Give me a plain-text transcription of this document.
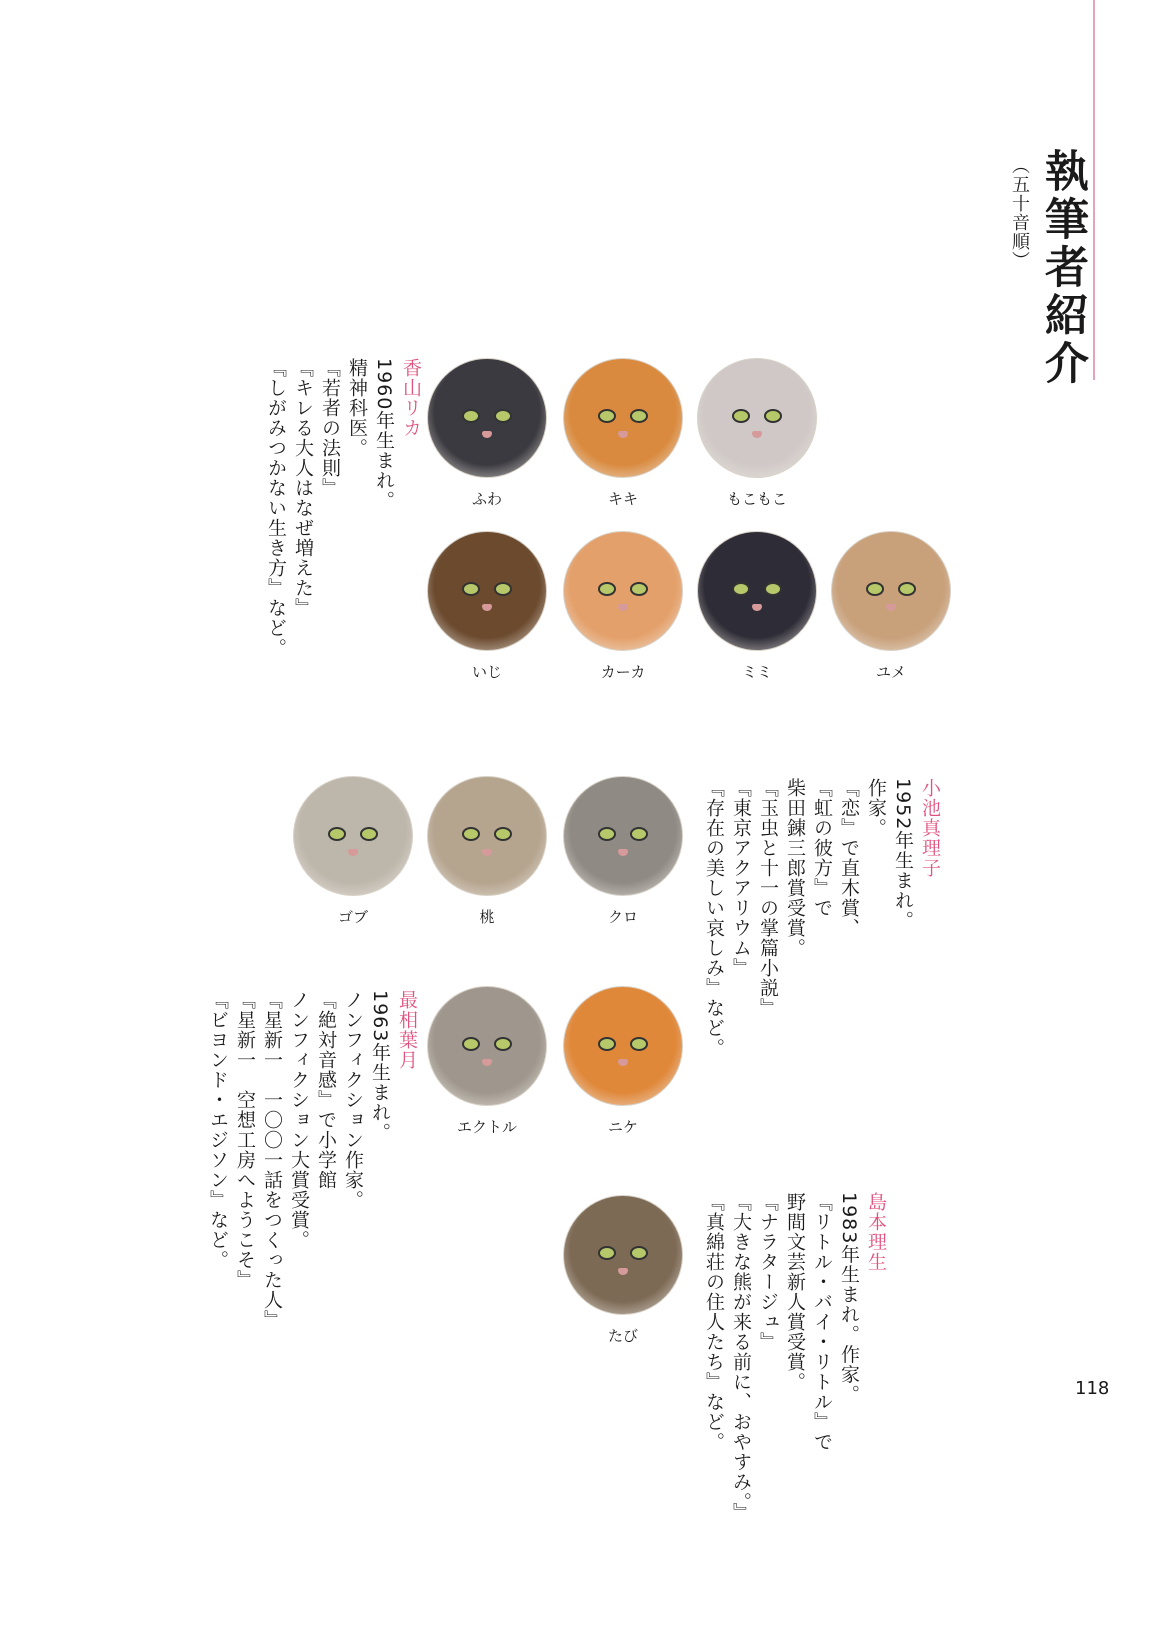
執筆者紹介
（五十音順）

香山リカ

1960年生まれ。

精神科医。

『若者の法則』

『キレる大人はなぜ増えた』

『しがみつかない生き方』など。

小池真理子

1952年生まれ。

作家。

『恋』で直木賞、

『虹の彼方』で

柴田錬三郎賞受賞。

『玉虫と十一の掌篇小説』

『東京アクアリウム』

『存在の美しい哀しみ』など。

最相葉月

1963年生まれ。

ノンフィクション作家。

『絶対音感』で小学館

ノンフィクション大賞受賞。

『星新一　一〇〇一話をつくった人』

『星新一　空想工房へようこそ』

『ビヨンド・エジソン』など。	島本理生

1983年生まれ。作家。

『リトル・バイ・リトル』で

野間文芸新人賞受賞。

『ナラタージュ』

『大きな熊が来る前に、おやすみ。』

『真綿荘の住人たち』など。

ふわ	キキ	もこもこ
いじ	カーカ	ミミ	ユメ
ゴブ	桃	クロ
エクトル	ニケ
たび
118
